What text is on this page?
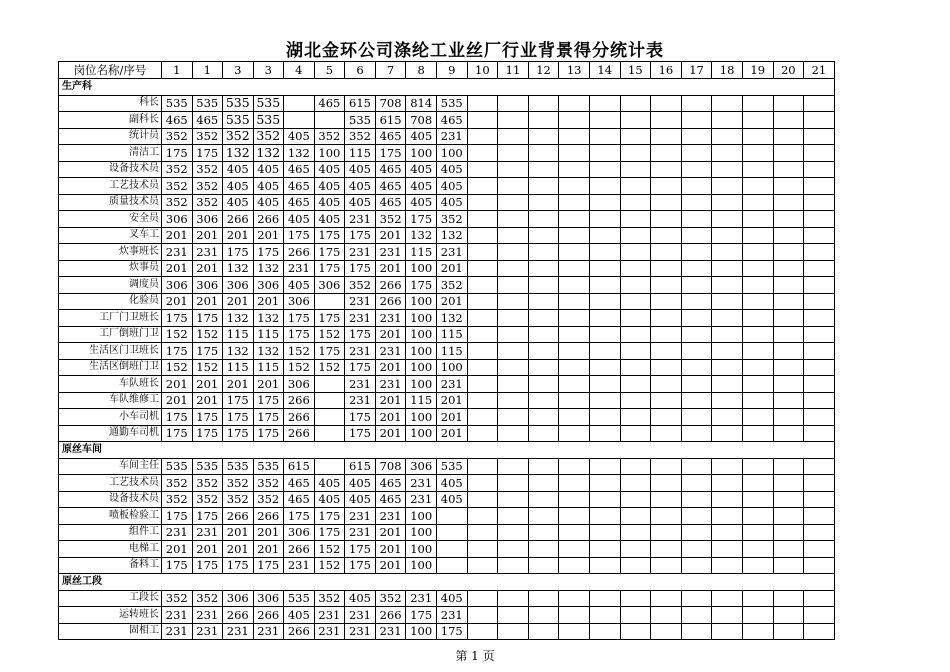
湖北金环公司涤纶工业丝厂行业背景得分统计表
岗位名称/序号	1	1	3	3	4	5	6	7	8	9	10	11	12	13	14	15	16	17	18	19	20	21
生产科																						
科长	535	535	535	535		465	615	708	814	535												
副科长	465	465	535	535			535	615	708	465												
统计员	352	352	352	352	405	352	352	465	405	231												
清洁工	175	175	132	132	132	100	115	175	100	100												
设备技术员	352	352	405	405	465	405	405	465	405	405												
工艺技术员	352	352	405	405	465	405	405	465	405	405												
质量技术员	352	352	405	405	465	405	405	465	405	405												
安全员	306	306	266	266	405	405	231	352	175	352												
叉车工	201	201	201	201	175	175	175	201	132	132												
炊事班长	231	231	175	175	266	175	231	231	115	231												
炊事员	201	201	132	132	231	175	175	201	100	201												
调度员	306	306	306	306	405	306	352	266	175	352												
化验员	201	201	201	201	306		231	266	100	201												
工厂门卫班长	175	175	132	132	175	175	231	231	100	132												
工厂倒班门卫	152	152	115	115	175	152	175	201	100	115												
生活区门卫班长	175	175	132	132	152	175	231	231	100	115												
生活区倒班门卫	152	152	115	115	152	152	175	201	100	100												
车队班长	201	201	201	201	306		231	231	100	231												
车队维修工	201	201	175	175	266		231	201	115	201												
小车司机	175	175	175	175	266		175	201	100	201												
通勤车司机	175	175	175	175	266		175	201	100	201												
原丝车间																						
车间主任	535	535	535	535	615		615	708	306	535												
工艺技术员	352	352	352	352	465	405	405	465	231	405												
设备技术员	352	352	352	352	465	405	405	465	231	405												
喷板检验工	175	175	266	266	175	175	231	231	100													
组件工	231	231	201	201	306	175	231	201	100													
电梯工	201	201	201	201	266	152	175	201	100													
备料工	175	175	175	175	231	152	175	201	100													
原丝工段																						
工段长	352	352	306	306	535	352	405	352	231	405												
运转班长	231	231	266	266	405	231	231	266	175	231												
固相工	231	231	231	231	266	231	231	231	100	175												
第 1 页
